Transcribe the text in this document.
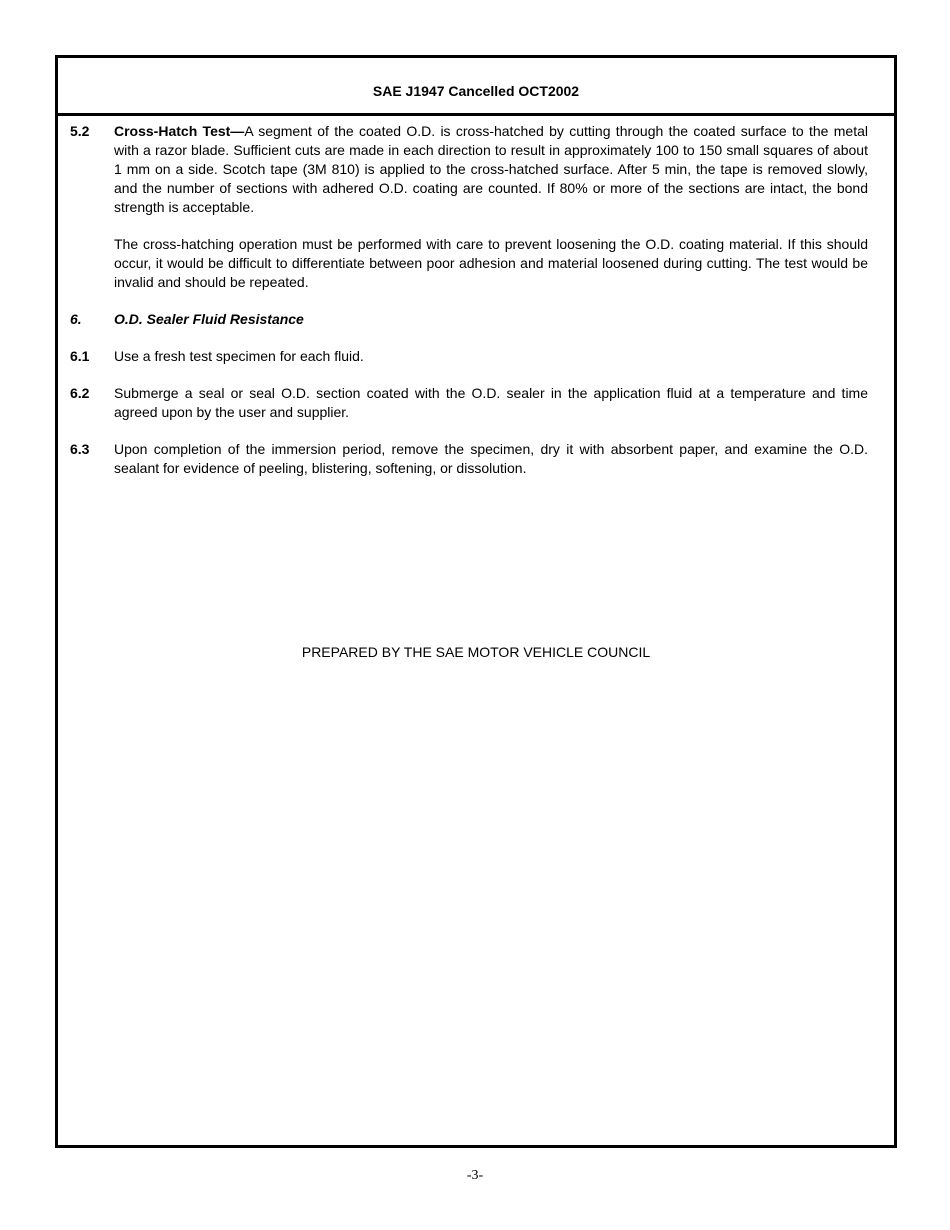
SAE J1947 Cancelled OCT2002
5.2	Cross-Hatch Test—A segment of the coated O.D. is cross-hatched by cutting through the coated surface to the metal with a razor blade. Sufficient cuts are made in each direction to result in approximately 100 to 150 small squares of about 1 mm on a side. Scotch tape (3M 810) is applied to the cross-hatched surface. After 5 min, the tape is removed slowly, and the number of sections with adhered O.D. coating are counted. If 80% or more of the sections are intact, the bond strength is acceptable.
The cross-hatching operation must be performed with care to prevent loosening the O.D. coating material. If this should occur, it would be difficult to differentiate between poor adhesion and material loosened during cutting. The test would be invalid and should be repeated.
6.	O.D. Sealer Fluid Resistance
6.1	Use a fresh test specimen for each fluid.
6.2	Submerge a seal or seal O.D. section coated with the O.D. sealer in the application fluid at a temperature and time agreed upon by the user and supplier.
6.3	Upon completion of the immersion period, remove the specimen, dry it with absorbent paper, and examine the O.D. sealant for evidence of peeling, blistering, softening, or dissolution.
PREPARED BY THE SAE MOTOR VEHICLE COUNCIL
-3-
